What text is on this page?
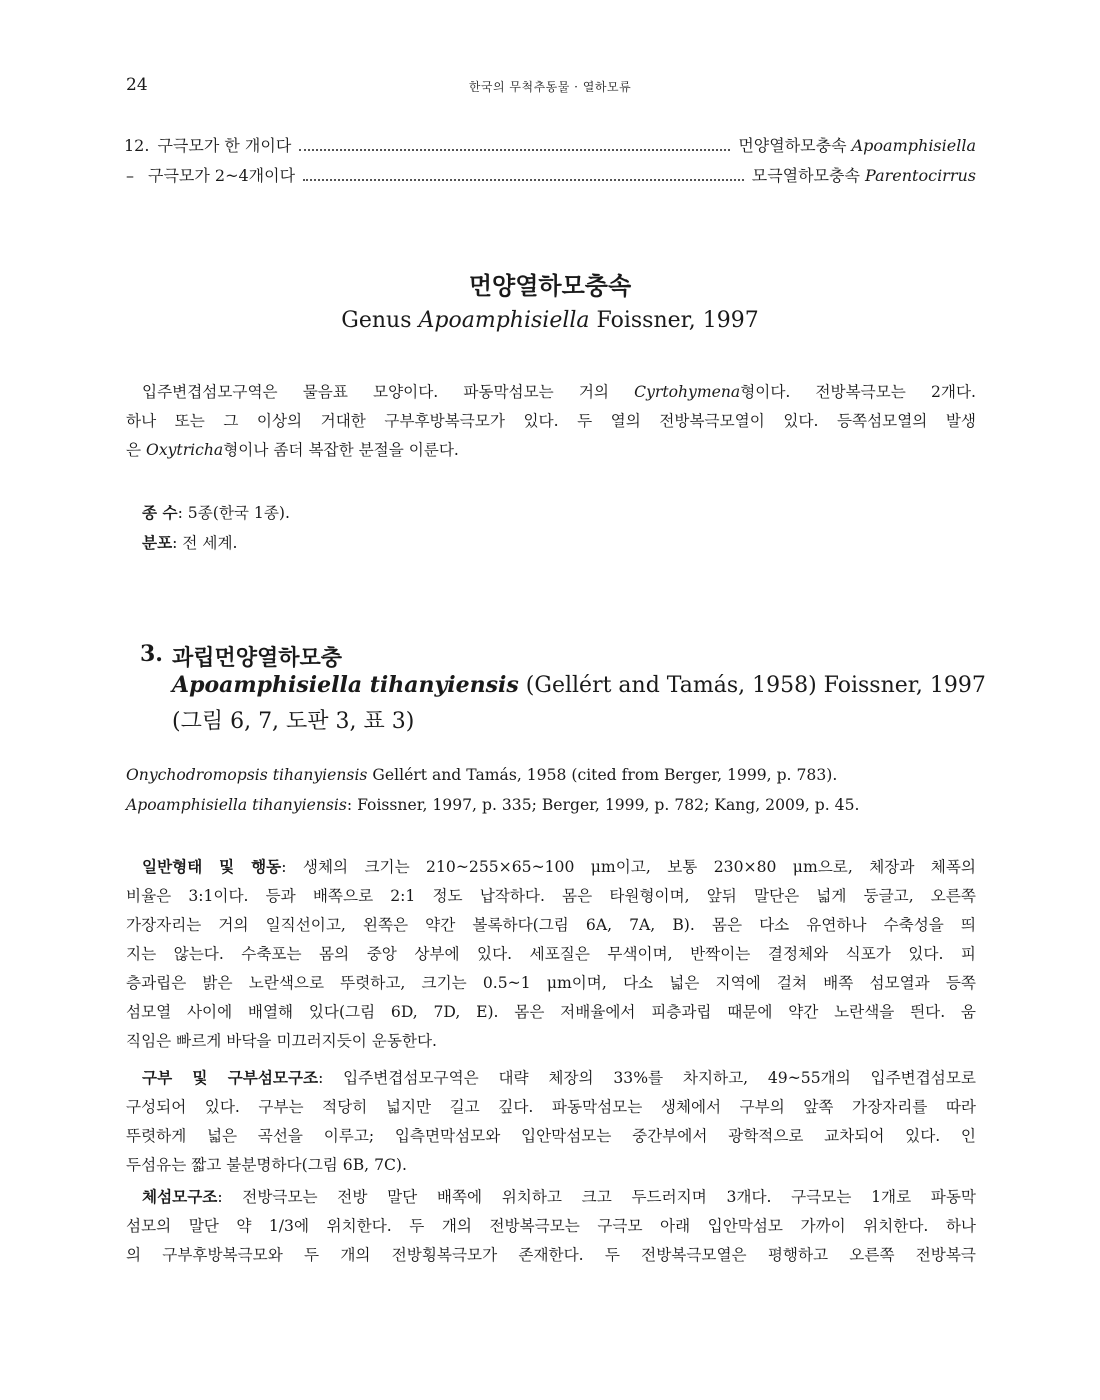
24	한국의 무척추동물 · 열하모류
12. 구극모가 한 개이다	먼양열하모충속 Apoamphisiella
– 구극모가 2~4개이다	모극열하모충속 Parentocirrus
먼양열하모충속
Genus Apoamphisiella Foissner, 1997
입주변겹섬모구역은 물음표 모양이다. 파동막섬모는 거의 Cyrtohymena형이다. 전방복극모는 2개다.
하나 또는 그 이상의 거대한 구부후방복극모가 있다. 두 열의 전방복극모열이 있다. 등쪽섬모열의 발생
은 Oxytricha형이나 좀더 복잡한 분절을 이룬다.
종 수: 5종(한국 1종).
분포: 전 세계.
3. 과립먼양열하모충
Apoamphisiella tihanyiensis (Gellért and Tamás, 1958) Foissner, 1997
(그림 6, 7, 도판 3, 표 3)
Onychodromopsis tihanyiensis Gellért and Tamás, 1958 (cited from Berger, 1999, p. 783).
Apoamphisiella tihanyiensis: Foissner, 1997, p. 335; Berger, 1999, p. 782; Kang, 2009, p. 45.
일반형태 및 행동: 생체의 크기는 210~255×65~100 μm이고, 보통 230×80 μm으로, 체장과 체폭의
비율은 3:1이다. 등과 배쪽으로 2:1 정도 납작하다. 몸은 타원형이며, 앞뒤 말단은 넓게 둥글고, 오른쪽
가장자리는 거의 일직선이고, 왼쪽은 약간 볼록하다(그림 6A, 7A, B). 몸은 다소 유연하나 수축성을 띄
지는 않는다. 수축포는 몸의 중앙 상부에 있다. 세포질은 무색이며, 반짝이는 결정체와 식포가 있다. 피
층과립은 밝은 노란색으로 뚜렷하고, 크기는 0.5~1 μm이며, 다소 넓은 지역에 걸쳐 배쪽 섬모열과 등쪽
섬모열 사이에 배열해 있다(그림 6D, 7D, E). 몸은 저배율에서 피층과립 때문에 약간 노란색을 띈다. 움
직임은 빠르게 바닥을 미끄러지듯이 운동한다.
구부 및 구부섬모구조: 입주변겹섬모구역은 대략 체장의 33%를 차지하고, 49~55개의 입주변겹섬모로
구성되어 있다. 구부는 적당히 넓지만 길고 깊다. 파동막섬모는 생체에서 구부의 앞쪽 가장자리를 따라
뚜렷하게 넓은 곡선을 이루고; 입측면막섬모와 입안막섬모는 중간부에서 광학적으로 교차되어 있다. 인
두섬유는 짧고 불분명하다(그림 6B, 7C).
체섬모구조: 전방극모는 전방 말단 배쪽에 위치하고 크고 두드러지며 3개다. 구극모는 1개로 파동막
섬모의 말단 약 1/3에 위치한다. 두 개의 전방복극모는 구극모 아래 입안막섬모 가까이 위치한다. 하나
의 구부후방복극모와 두 개의 전방횡복극모가 존재한다. 두 전방복극모열은 평행하고 오른쪽 전방복극
